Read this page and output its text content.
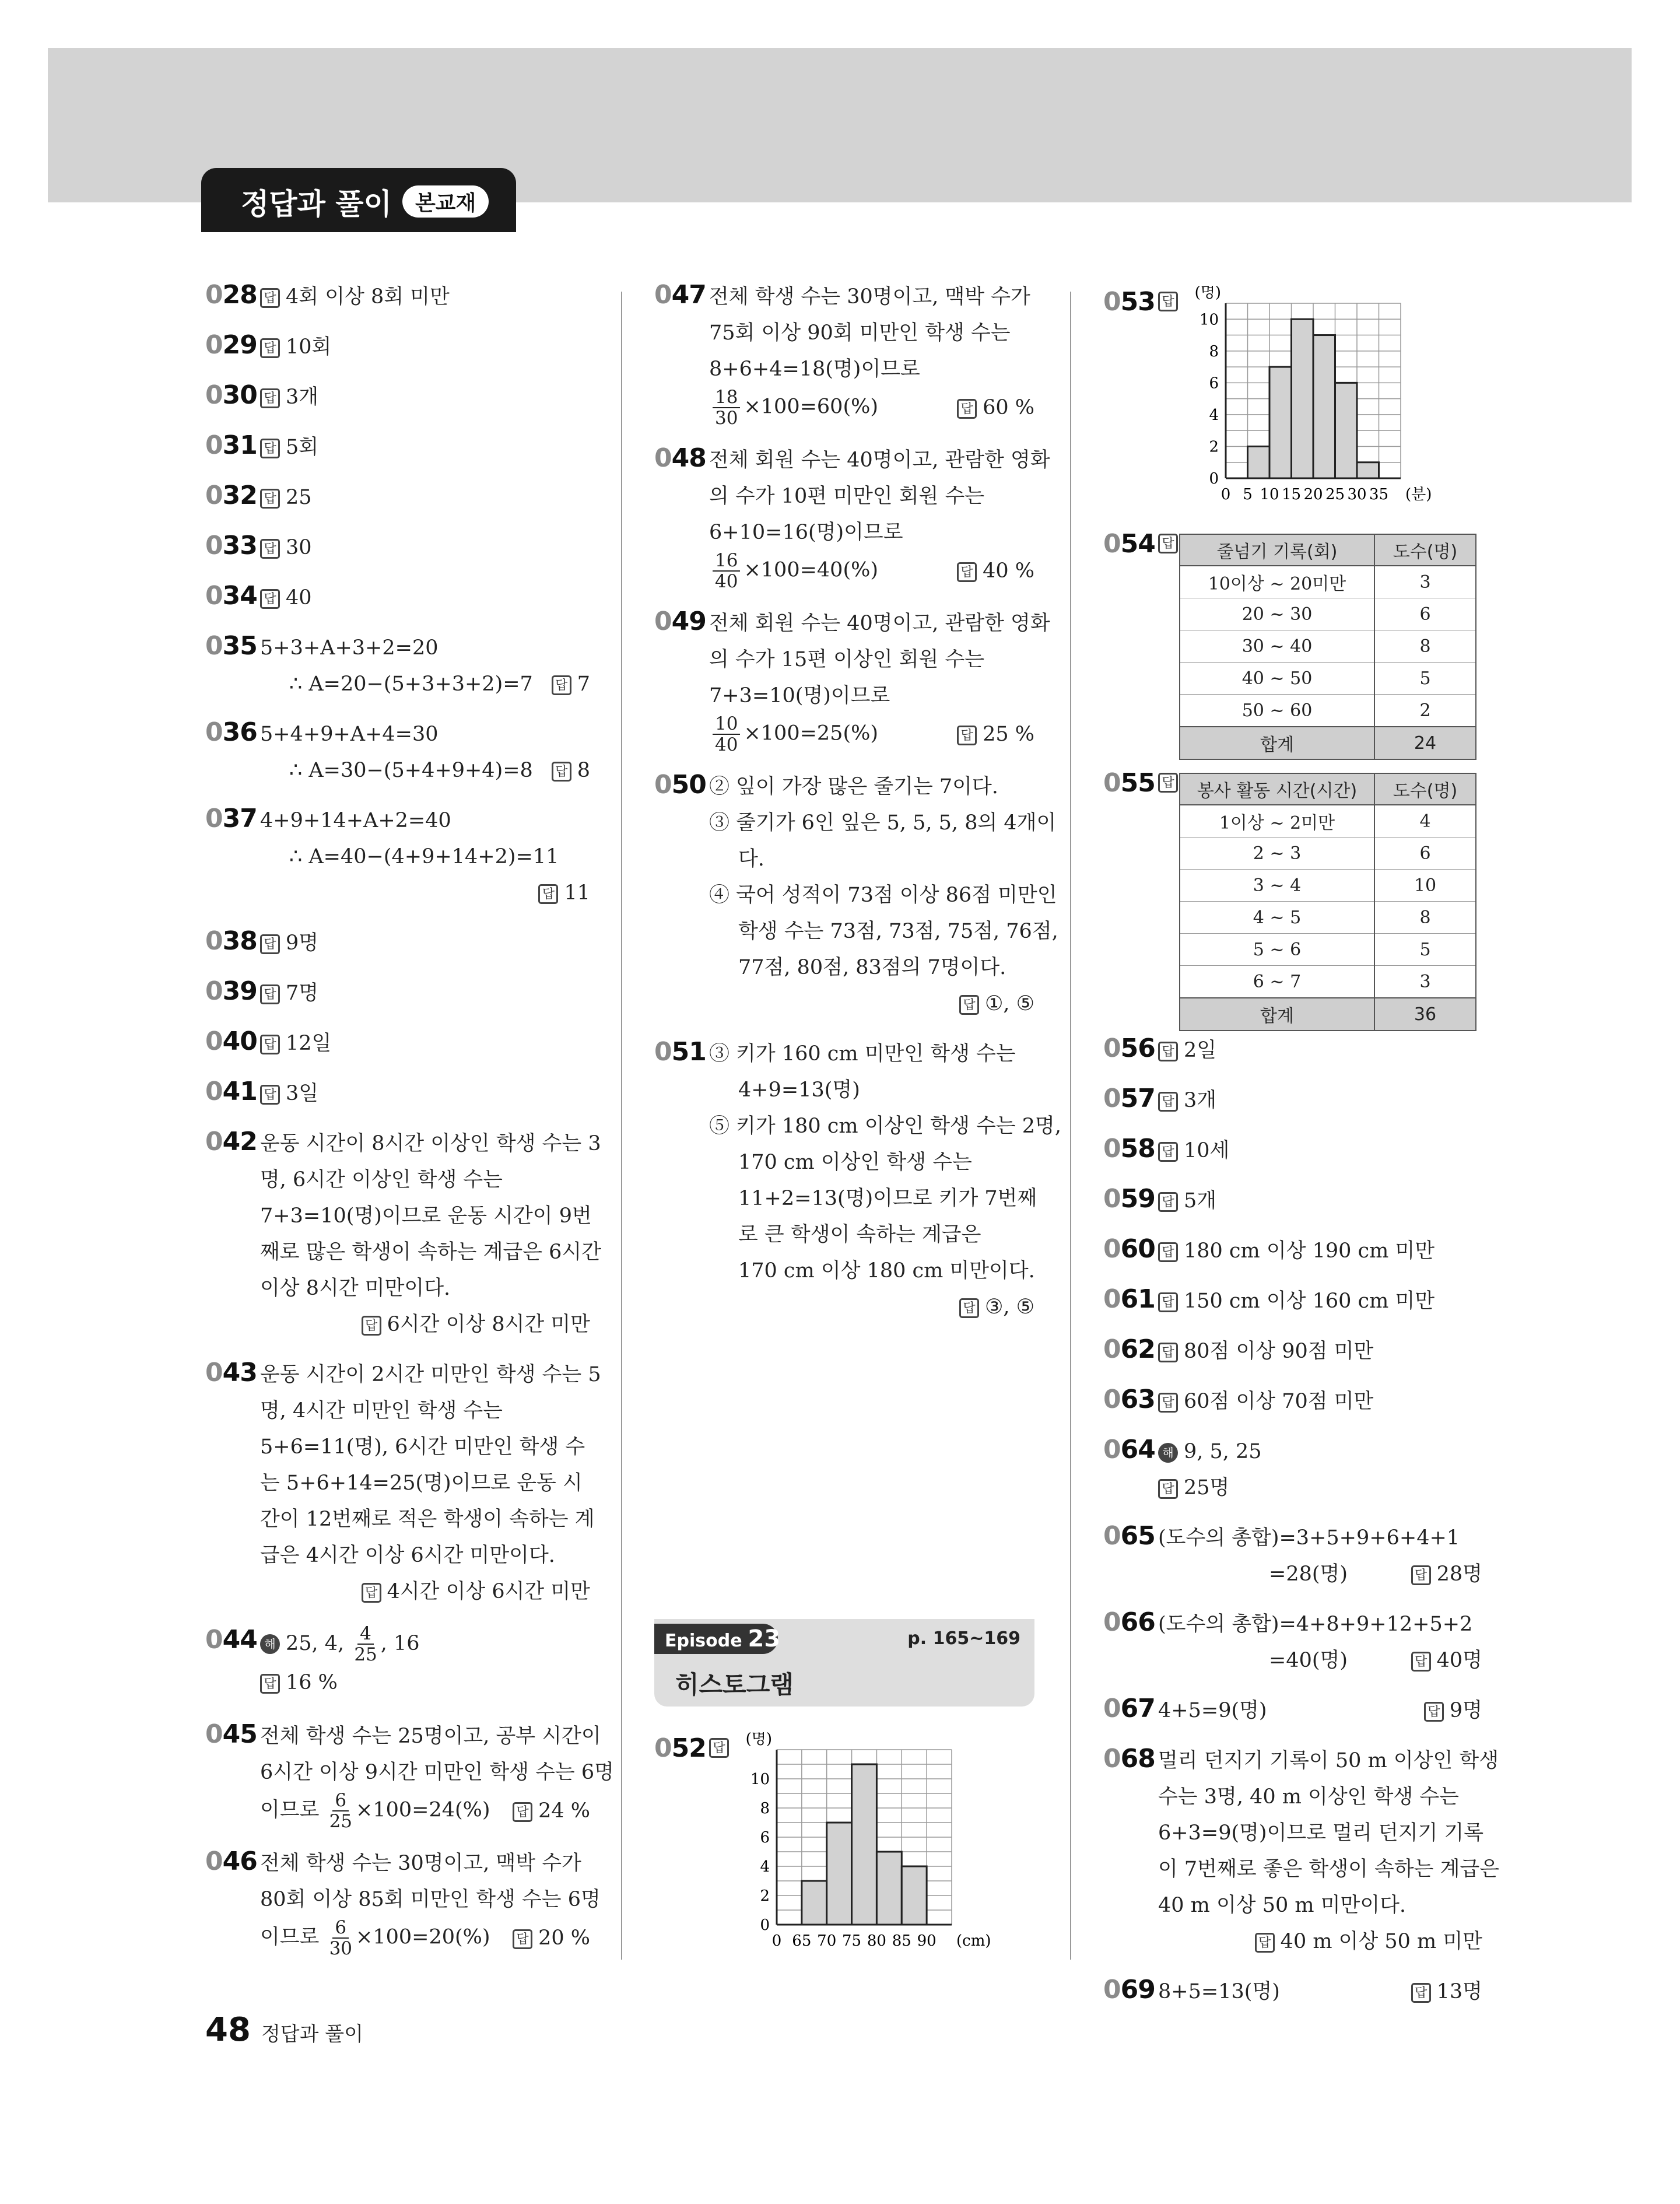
정답과 풀이	본교재
028 답 4회 이상 8회 미만
029 답 10회
030 답 3개
031 답 5회
032 답 25
033 답 30
034 답 40
035 5+3+A+3+2=20
∴ A=20−(5+3+3+2)=7 답 7
036 5+4+9+A+4=30
∴ A=30−(5+4+9+4)=8 답 8
037 4+9+14+A+2=40
∴ A=40−(4+9+14+2)=11
답 11
038 답 9명
039 답 7명
040 답 12일
041 답 3일
042 운동 시간이 8시간 이상인 학생 수는 3
명, 6시간 이상인 학생 수는
7+3=10(명)이므로 운동 시간이 9번
째로 많은 학생이 속하는 계급은 6시간
이상 8시간 미만이다.
답 6시간 이상 8시간 미만
043 운동 시간이 2시간 미만인 학생 수는 5
명, 4시간 미만인 학생 수는
5+6=11(명), 6시간 미만인 학생 수
는 5+6+14=25(명)이므로 운동 시
간이 12번째로 적은 학생이 속하는 계
급은 4시간 이상 6시간 미만이다.
답 4시간 이상 6시간 미만
044 해 25, 4, $\frac{4}{25}$ , 16
답 16 %
045 전체 학생 수는 25명이고, 공부 시간이
6시간 이상 9시간 미만인 학생 수는 6명
이므로 $\frac{6}{25} \times 100=24(\%)$ 답 24 %
046 전체 학생 수는 30명이고, 맥박 수가
80회 이상 85회 미만인 학생 수는 6명
이므로 $\frac{6}{30} \times 100=20(\%)$ 답 20 %
047 전체 학생 수는 30명이고, 맥박 수가
75회 이상 90회 미만인 학생 수는
8+6+4=18(명)이므로
$\frac{18}{30} \times 100=60(\%)$	답 60 %
048 전체 회원 수는 40명이고, 관람한 영화
의 수가 10편 미만인 회원 수는
6+10=16(명)이므로
$\frac{16}{40} \times 100=40(\%)$	답 40 %
049 전체 회원 수는 40명이고, 관람한 영화
의 수가 15편 이상인 회원 수는
7+3=10(명)이므로
$\frac{10}{40} \times 100=25(\%)$	답 25 %
050 ② 잎이 가장 많은 줄기는 7이다.
③ 줄기가 6인 잎은 5, 5, 5, 8의 4개이
다.
④ 국어 성적이 73점 이상 86점 미만인
학생 수는 73점, 73점, 75점, 76점,
77점, 80점, 83점의 7명이다.
답 ①, ⑤
051 ③ 키가 160 cm 미만인 학생 수는
4+9=13(명)
⑤ 키가 180 cm 이상인 학생 수는 2명,
170 cm 이상인 학생 수는
11+2=13(명)이므로 키가 7번째
로 큰 학생이 속하는 계급은
170 cm 이상 180 cm 미만이다.
답 ③, ⑤
056 답 2일
057 답 3개
058 답 10세
059 답 5개
060 답 180 cm 이상 190 cm 미만
061 답 150 cm 이상 160 cm 미만
062 답 80점 이상 90점 미만
063 답 60점 이상 70점 미만
064 해 9, 5, 25
답 25명
065 (도수의 총합)=3+5+9+6+4+1
=28(명)	답 28명
066 (도수의 총합)=4+8+9+12+5+2
=40(명)	답 40명
067 4+5=9(명)	답 9명
068 멀리 던지기 기록이 50 m 이상인 학생
수는 3명, 40 m 이상인 학생 수는
6+3=9(명)이므로 멀리 던지기 기록
이 7번째로 좋은 학생이 속하는 계급은
40 m 이상 50 m 미만이다.
답 40 m 이상 50 m 미만
069 8+5=13(명)	답 13명
053 답
0 5 10 15 20 25 30 35 (분)
0
2
4
6
8
10
(명)
054 답 줄넘기 기록(회)	도수(명)
10이상 ~ 20미만	3
20 ~ 30	6
30 ~ 40	8
40 ~ 50	5
50 ~ 60	2
합계	24
055 답 봉사 활동 시간(시간)	도수(명)
1이상 ~ 2미만	4
2 ~ 3	6
3 ~ 4	10
4 ~ 5	8
5 ~ 6	5
6 ~ 7	3
합계	36
Episode 23	p. 165~169
히스토그램
052 답
0 65 70 75 80 85 90 (cm)
0
2
4
6
8
10
(명)
48 정답과 풀이
